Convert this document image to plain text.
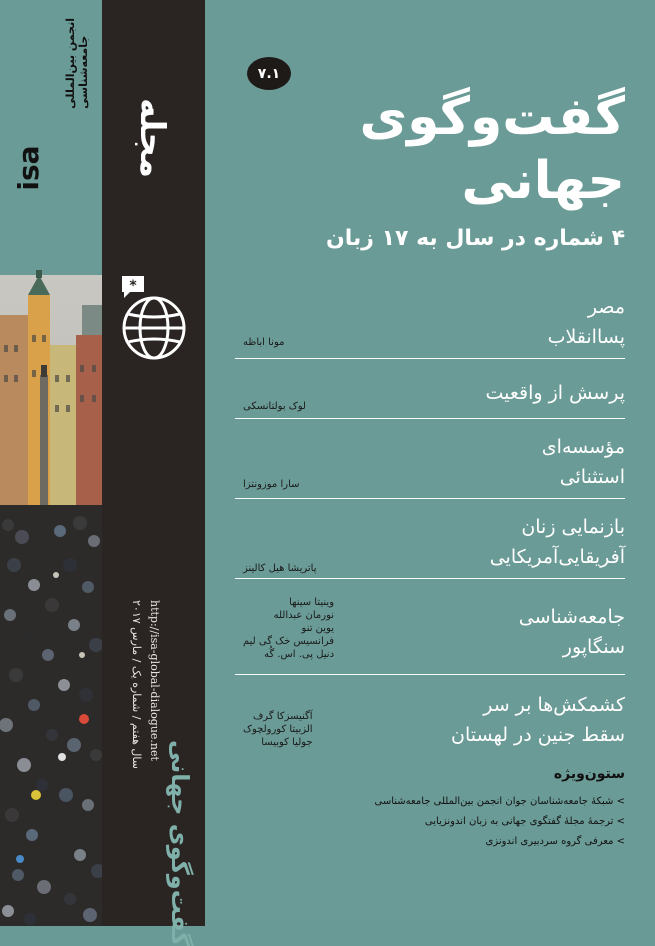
انجمن بین‌المللی جامعه‌شناسی
isa	مجله
*
سال هفتم / شماره یک / مارس ۲۰۱۷ http://isa-global-dialogue.net
گفت‌وگوی جهانی
۷.۱
گفت‌وگوی
جهانی
۴ شماره در سال به ۱۷ زبان
مصر
پساانقلاب
مونا اباظه
پرسش از واقعیت
لوک بولتانسکی
مؤسسه‌ای
استثنائی
سارا موزونتزا
بازنمایی زنان
آفریقایی‌آمریکایی
پاتریشا هیل کالینز
جامعه‌شناسی
سنگاپور
وینیتا سینها
نورمان عبدالله
یوین تنو
فرانسیس خک گی لیم
دنیل پی. اس. گُه
کشمکش‌ها بر سر
سقط جنین در لهستان
آگنیسزکا گرف
الزبیتا کورولچوک
جولیا کوبیسا
ستون‌ویژه
> شبکهٔ جامعه‌شناسان جوان انجمن بین‌المللی جامعه‌شناسی
> ترجمهٔ مجلهٔ گفتگوی جهانی به زبان اندونزیایی
> معرفی گروه سردبیری اندونزی
